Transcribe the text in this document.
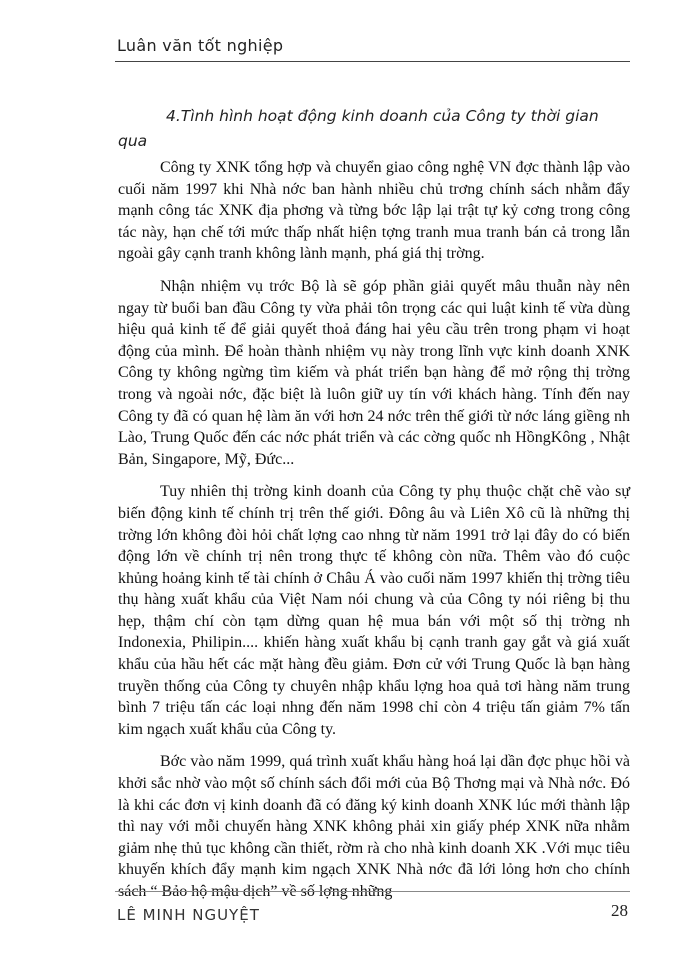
Luân văn tốt nghiệp

4.Tình hình hoạt động kinh doanh của Công ty thời gian qua

Công ty XNK tổng hợp và chuyển giao công nghệ VN đợc thành lập vào cuối năm 1997 khi Nhà nớc ban hành nhiều chủ trơng chính sách nhằm đẩy mạnh công tác XNK địa phơng và từng bớc lập lại trật tự kỷ cơng trong công tác này, hạn chế tới mức thấp nhất hiện tợng tranh mua tranh bán cả trong lẫn ngoài gây cạnh tranh không lành mạnh, phá giá thị trờng.

Nhận nhiệm vụ trớc Bộ là sẽ góp phần giải quyết mâu thuẫn này nên ngay từ buổi ban đầu Công ty vừa phải tôn trọng các qui luật kinh tế vừa dùng hiệu quả kinh tế để giải quyết thoả đáng hai yêu cầu trên trong phạm vi hoạt động của mình. Để hoàn thành nhiệm vụ này trong lĩnh vực kinh doanh XNK Công ty không ngừng tìm kiếm và phát triển bạn hàng để mở rộng thị trờng trong và ngoài nớc, đặc biệt là luôn giữ uy tín với khách hàng. Tính đến nay Công ty đã có quan hệ làm ăn với hơn 24 nớc trên thế giới từ nớc láng giềng nh Lào, Trung Quốc đến các nớc phát triển và các cờng quốc nh HồngKông , Nhật Bản, Singapore, Mỹ, Đức...

Tuy nhiên thị trờng kinh doanh của Công ty phụ thuộc chặt chẽ vào sự biến động kinh tế chính trị trên thế giới. Đông âu và Liên Xô cũ là những thị trờng lớn không đòi hỏi chất lợng cao nhng từ năm 1991 trở lại đây do có biến động lớn về chính trị nên trong thực tế không còn nữa. Thêm vào đó cuộc khủng hoảng kinh tế tài chính ở Châu Á vào cuối năm 1997 khiến thị trờng tiêu thụ hàng xuất khẩu của Việt Nam nói chung và của Công ty nói riêng bị thu hẹp, thậm chí còn tạm dừng quan hệ mua bán với một số thị trờng nh Indonexia, Philipin.... khiến hàng xuất khẩu bị cạnh tranh gay gắt và giá xuất khẩu của hầu hết các mặt hàng đều giảm. Đơn cử với Trung Quốc là bạn hàng truyền thống của Công ty chuyên nhập khẩu lợng hoa quả tơi hàng năm trung bình 7 triệu tấn các loại nhng đến năm 1998 chỉ còn 4 triệu tấn giảm 7% tấn kim ngạch xuất khẩu của Công ty.

Bớc vào năm 1999, quá trình xuất khẩu hàng hoá lại dần đợc phục hồi và khởi sắc nhờ vào một số chính sách đổi mới của Bộ Thơng mại và Nhà nớc. Đó là khi các đơn vị kinh doanh đã có đăng ký kinh doanh XNK lúc mới thành lập thì nay với mỗi chuyến hàng XNK không phải xin giấy phép XNK nữa nhằm giảm nhẹ thủ tục không cần thiết, rờm rà cho nhà kinh doanh XK .Với mục tiêu khuyến khích đẩy mạnh kim ngạch XNK Nhà nớc đã lới lỏng hơn cho chính sách “ Bảo hộ mậu dịch” về số lợng những

LÊ MINH NGUYỆT	28
